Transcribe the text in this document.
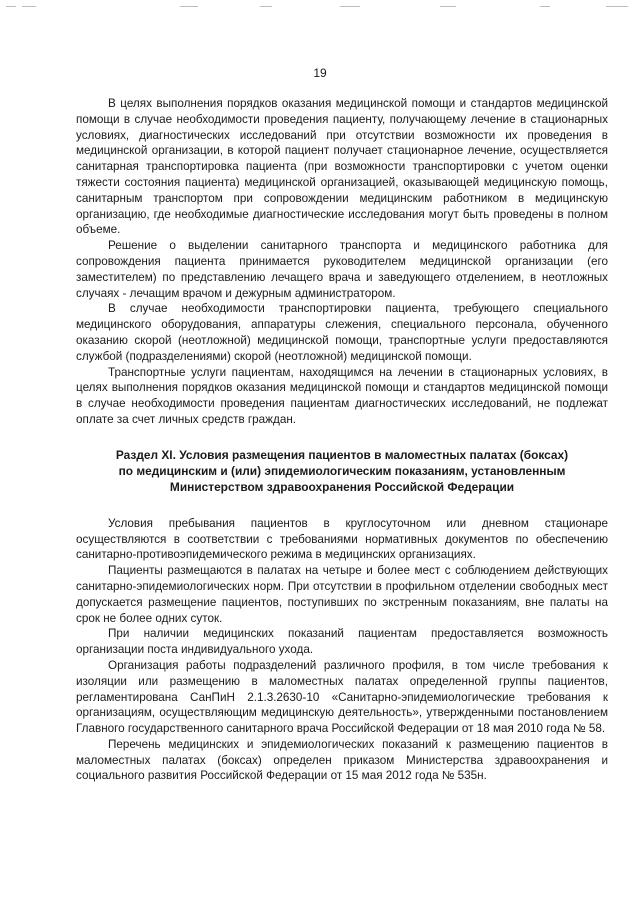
19

В целях выполнения порядков оказания медицинской помощи и стандартов медицинской помощи в случае необходимости проведения пациенту, получающему лечение в стационарных условиях, диагностических исследований при отсутствии возможности их проведения в медицинской организации, в которой пациент получает стационарное лечение, осуществляется санитарная транспортировка пациента (при возможности транспортировки с учетом оценки тяжести состояния пациента) медицинской организацией, оказывающей медицинскую помощь, санитарным транспортом при сопровождении медицинским работником в медицинскую организацию, где необходимые диагностические исследования могут быть проведены в полном объеме.

Решение о выделении санитарного транспорта и медицинского работника для сопровождения пациента принимается руководителем медицинской организации (его заместителем) по представлению лечащего врача и заведующего отделением, в неотложных случаях - лечащим врачом и дежурным администратором.

В случае необходимости транспортировки пациента, требующего специального медицинского оборудования, аппаратуры слежения, специального персонала, обученного оказанию скорой (неотложной) медицинской помощи, транспортные услуги предоставляются службой (подразделениями) скорой (неотложной) медицинской помощи.

Транспортные услуги пациентам, находящимся на лечении в стационарных условиях, в целях выполнения порядков оказания медицинской помощи и стандартов медицинской помощи в случае необходимости проведения пациентам диагностических исследований, не подлежат оплате за счет личных средств граждан.

Раздел XI. Условия размещения пациентов в маломестных палатах (боксах)
по медицинским и (или) эпидемиологическим показаниям, установленным
Министерством здравоохранения Российской Федерации

Условия пребывания пациентов в круглосуточном или дневном стационаре осуществляются в соответствии с требованиями нормативных документов по обеспечению санитарно-противоэпидемического режима в медицинских организациях.

Пациенты размещаются в палатах на четыре и более мест с соблюдением действующих санитарно-эпидемиологических норм. При отсутствии в профильном отделении свободных мест допускается размещение пациентов, поступивших по экстренным показаниям, вне палаты на срок не более одних суток.

При наличии медицинских показаний пациентам предоставляется возможность организации поста индивидуального ухода.

Организация работы подразделений различного профиля, в том числе требования к изоляции или размещению в маломестных палатах определенной группы пациентов, регламентирована СанПиН 2.1.3.2630-10 «Санитарно-эпидемиологические требования к организациям, осуществляющим медицинскую деятельность», утвержденными постановлением Главного государственного санитарного врача Российской Федерации от 18 мая 2010 года № 58.

Перечень медицинских и эпидемиологических показаний к размещению пациентов в маломестных палатах (боксах) определен приказом Министерства здравоохранения и социального развития Российской Федерации от 15 мая 2012 года № 535н.
